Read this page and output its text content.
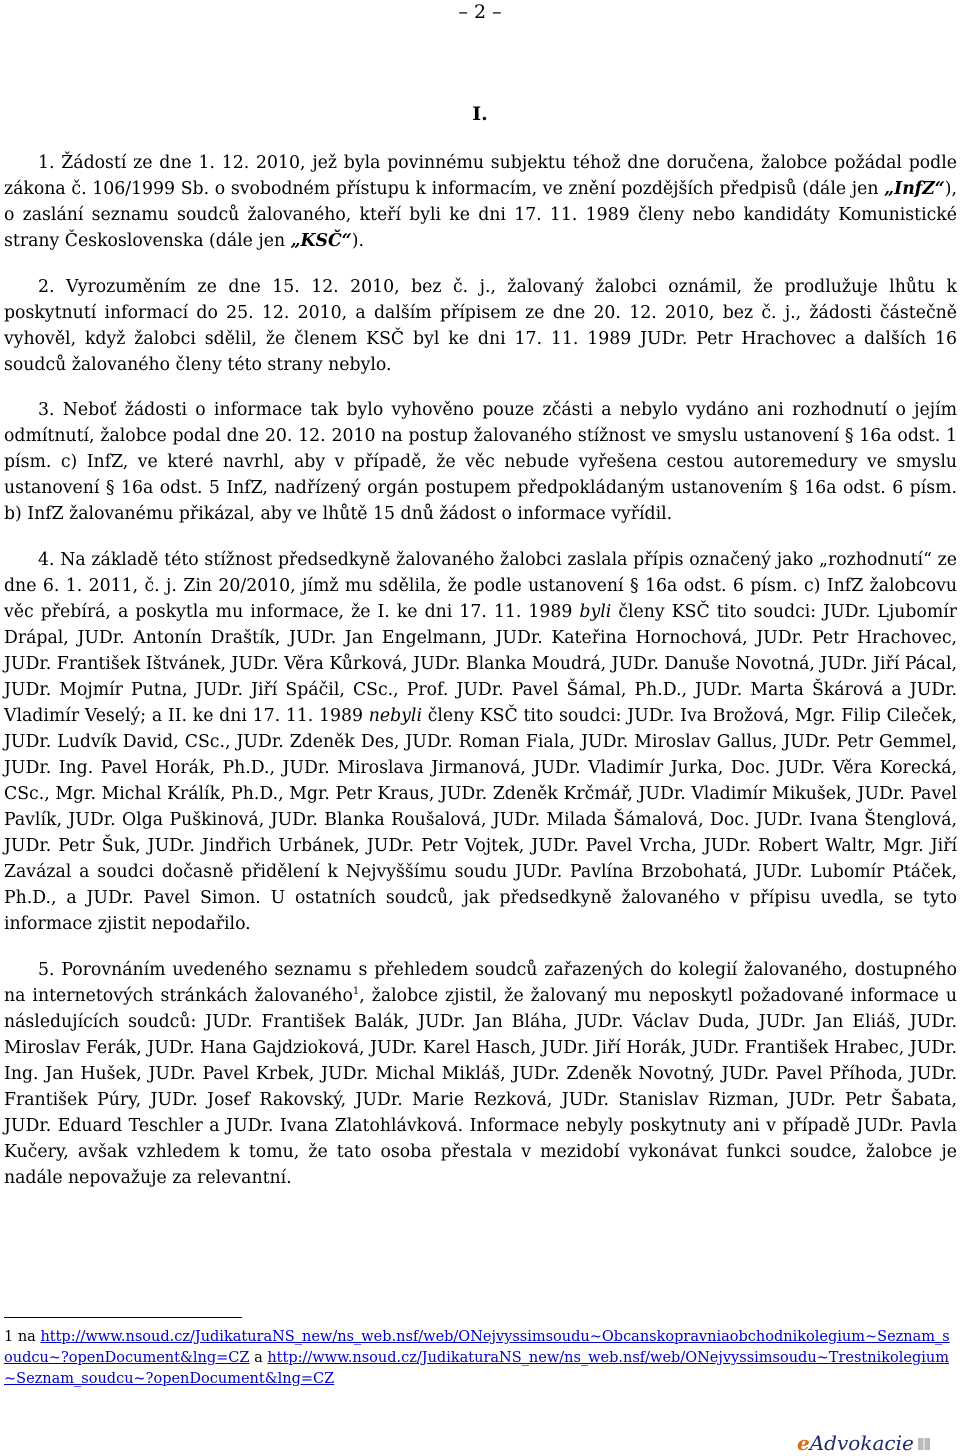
– 2 –
I.

1. Žádostí ze dne 1. 12. 2010, jež byla povinnému subjektu téhož dne doručena, žalobce požádal podle zákona č. 106/1999 Sb. o svobodném přístupu k informacím, ve znění pozdějších předpisů (dále jen „InfZ“), o zaslání seznamu soudců žalovaného, kteří byli ke dni 17. 11. 1989 členy nebo kandidáty Komunistické strany Československa (dále jen „KSČ“).

2. Vyrozuměním ze dne 15. 12. 2010, bez č. j., žalovaný žalobci oznámil, že prodlužuje lhůtu k poskytnutí informací do 25. 12. 2010, a dalším přípisem ze dne 20. 12. 2010, bez č. j., žádosti částečně vyhověl, když žalobci sdělil, že členem KSČ byl ke dni 17. 11. 1989 JUDr. Petr Hrachovec a dalších 16 soudců žalovaného členy této strany nebylo.

3. Neboť žádosti o informace tak bylo vyhověno pouze zčásti a nebylo vydáno ani rozhodnutí o jejím odmítnutí, žalobce podal dne 20. 12. 2010 na postup žalovaného stížnost ve smyslu ustanovení § 16a odst. 1 písm. c) InfZ, ve které navrhl, aby v případě, že věc nebude vyřešena cestou autoremedury ve smyslu ustanovení § 16a odst. 5 InfZ, nadřízený orgán postupem předpokládaným ustanovením § 16a odst. 6 písm. b) InfZ žalovanému přikázal, aby ve lhůtě 15 dnů žádost o informace vyřídil.

4. Na základě této stížnost předsedkyně žalovaného žalobci zaslala přípis označený jako „rozhodnutí“ ze dne 6. 1. 2011, č. j. Zin 20/2010, jímž mu sdělila, že podle ustanovení § 16a odst. 6 písm. c) InfZ žalobcovu věc přebírá, a poskytla mu informace, že I. ke dni 17. 11. 1989 byli členy KSČ tito soudci: JUDr. Ljubomír Drápal, JUDr. Antonín Draštík, JUDr. Jan Engelmann, JUDr. Kateřina Hornochová, JUDr. Petr Hrachovec, JUDr. František Ištvánek, JUDr. Věra Kůrková, JUDr. Blanka Moudrá, JUDr. Danuše Novotná, JUDr. Jiří Pácal, JUDr. Mojmír Putna, JUDr. Jiří Spáčil, CSc., Prof. JUDr. Pavel Šámal, Ph.D., JUDr. Marta Škárová a JUDr. Vladimír Veselý; a II. ke dni 17. 11. 1989 nebyli členy KSČ tito soudci: JUDr. Iva Brožová, Mgr. Filip Cileček, JUDr. Ludvík David, CSc., JUDr. Zdeněk Des, JUDr. Roman Fiala, JUDr. Miroslav Gallus, JUDr. Petr Gemmel, JUDr. Ing. Pavel Horák, Ph.D., JUDr. Miroslava Jirmanová, JUDr. Vladimír Jurka, Doc. JUDr. Věra Korecká, CSc., Mgr. Michal Králík, Ph.D., Mgr. Petr Kraus, JUDr. Zdeněk Krčmář, JUDr. Vladimír Mikušek, JUDr. Pavel Pavlík, JUDr. Olga Puškinová, JUDr. Blanka Roušalová, JUDr. Milada Šámalová, Doc. JUDr. Ivana Štenglová, JUDr. Petr Šuk, JUDr. Jindřich Urbánek, JUDr. Petr Vojtek, JUDr. Pavel Vrcha, JUDr. Robert Waltr, Mgr. Jiří Zavázal a soudci dočasně přidělení k Nejvyššímu soudu JUDr. Pavlína Brzobohatá, JUDr. Lubomír Ptáček, Ph.D., a JUDr. Pavel Simon. U ostatních soudců, jak předsedkyně žalovaného v přípisu uvedla, se tyto informace zjistit nepodařilo.

5. Porovnáním uvedeného seznamu s přehledem soudců zařazených do kolegií žalovaného, dostupného na internetových stránkách žalovaného$^1$, žalobce zjistil, že žalovaný mu neposkytl požadované informace u následujících soudců: JUDr. František Balák, JUDr. Jan Bláha, JUDr. Václav Duda, JUDr. Jan Eliáš, JUDr. Miroslav Ferák, JUDr. Hana Gajdzioková, JUDr. Karel Hasch, JUDr. Jiří Horák, JUDr. František Hrabec, JUDr. Ing. Jan Hušek, JUDr. Pavel Krbek, JUDr. Michal Mikláš, JUDr. Zdeněk Novotný, JUDr. Pavel Příhoda, JUDr. František Púry, JUDr. Josef Rakovský, JUDr. Marie Rezková, JUDr. Stanislav Rizman, JUDr. Petr Šabata, JUDr. Eduard Teschler a JUDr. Ivana Zlatohlávková. Informace nebyly poskytnuty ani v případě JUDr. Pavla Kučery, avšak vzhledem k tomu, že tato osoba přestala v mezidobí vykonávat funkci soudce, žalobce je nadále nepovažuje za relevantní.

1 na http://www.nsoud.cz/JudikaturaNS_new/ns_web.nsf/web/ONejvyssimsoudu~Obcanskopravniaobchodnikolegium~Seznam_soudcu~?openDocument&lng=CZ a http://www.nsoud.cz/JudikaturaNS_new/ns_web.nsf/web/ONejvyssimsoudu~Trestnikolegium~Seznam_soudcu~?openDocument&lng=CZ
eAdvokacie
